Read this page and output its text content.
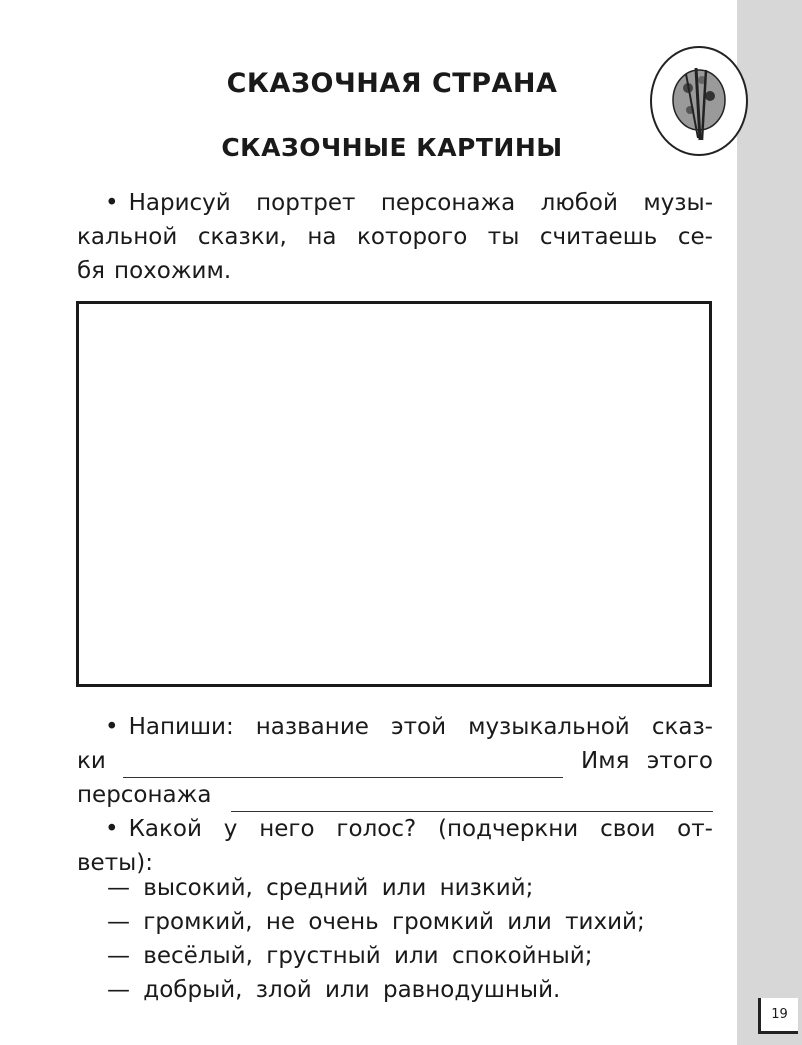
19
СКАЗОЧНАЯ СТРАНА
СКАЗОЧНЫЕ КАРТИНЫ
• Нарисуй портрет персонажа любой музы-
кальной сказки, на которого ты считаешь се-
бя похожим.
• Напиши: название этой музыкальной сказ-
ки	Имя этого
персонажа
• Какой у него голос? (подчеркни свои от-
веты):
— высокий, средний или низкий;
— громкий, не очень громкий или тихий;
— весёлый, грустный или спокойный;
— добрый, злой или равнодушный.
